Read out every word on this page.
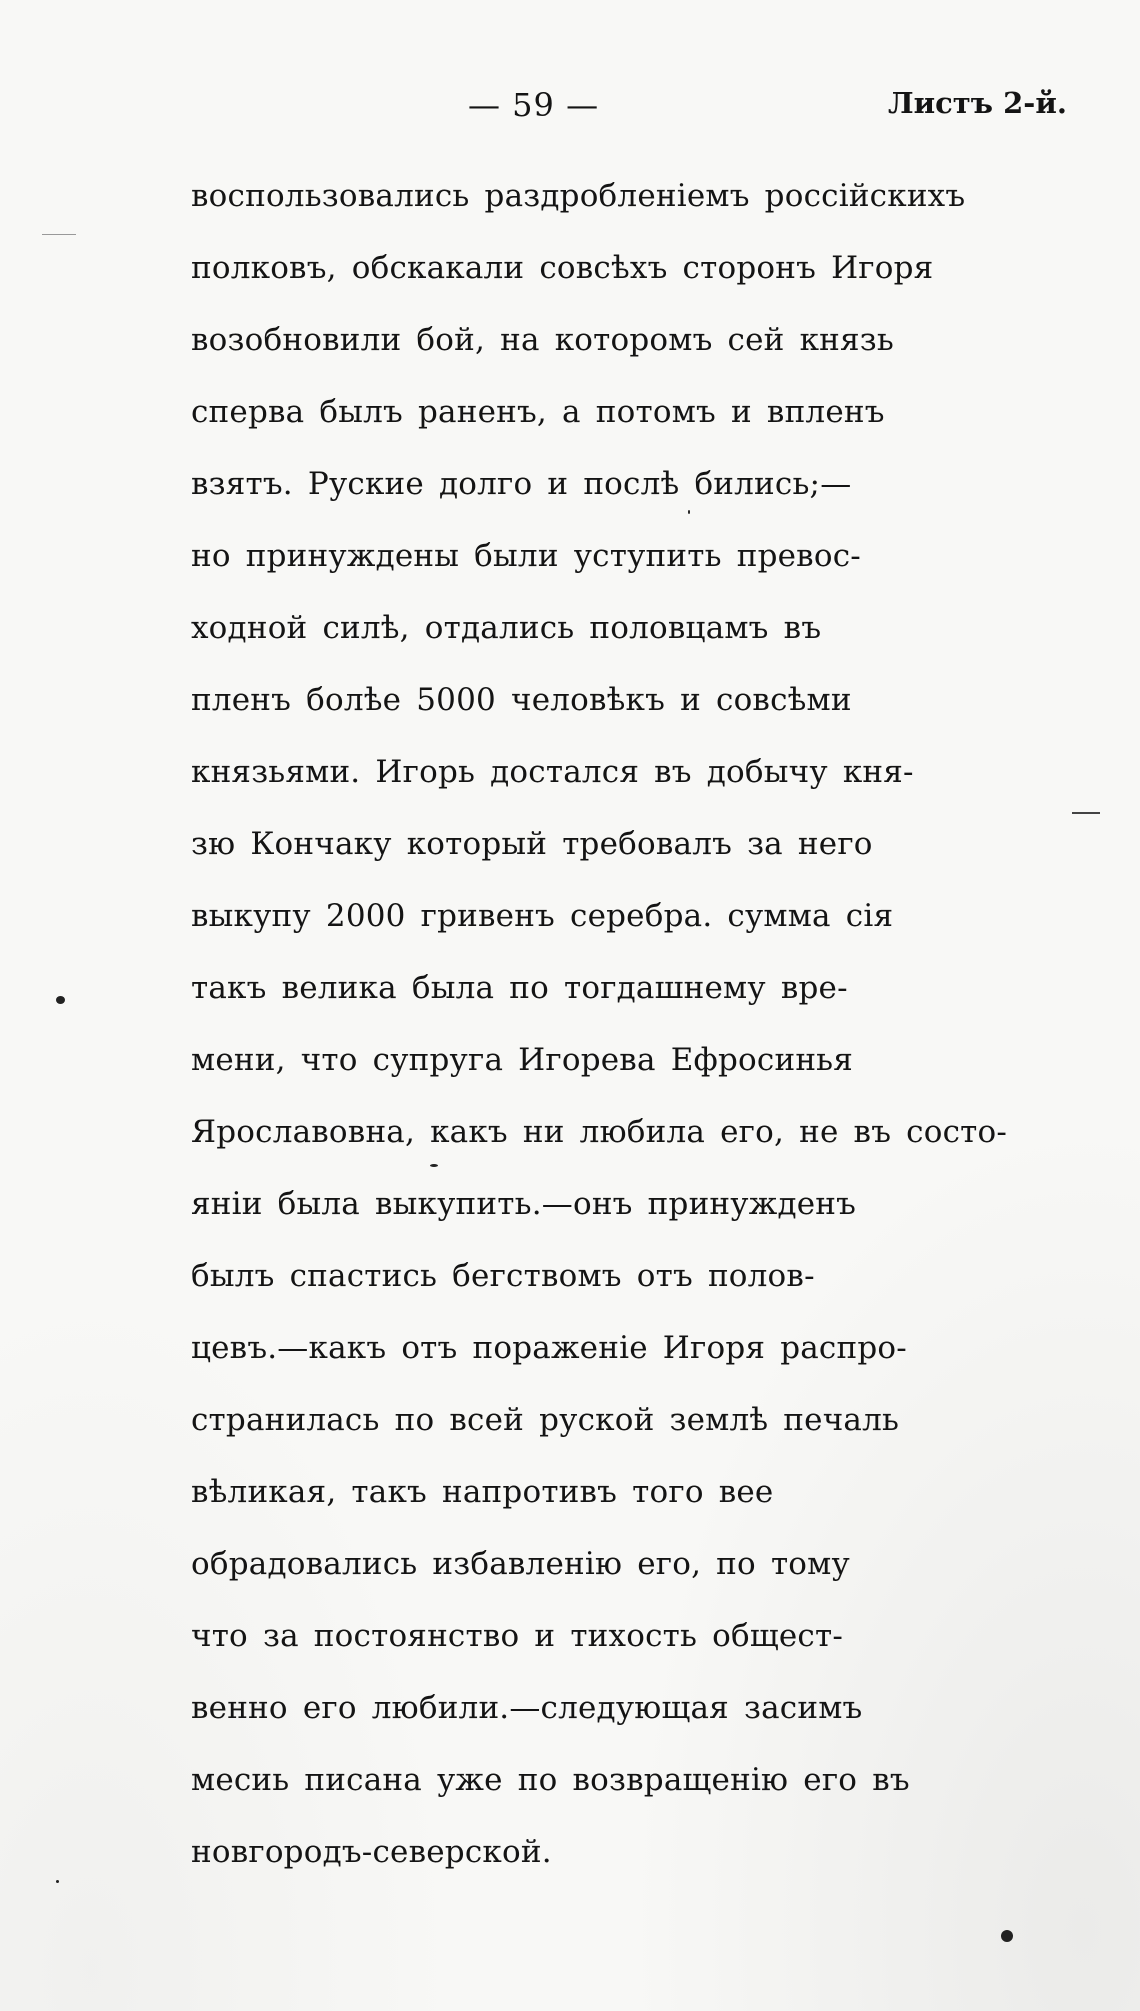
— 59 —	Листъ 2-й.
воспользовались раздробленіемъ россійскихъ
полковъ, обскакали совсѣхъ сторонъ Игоря
возобновили бой, на которомъ сей князь
сперва былъ раненъ, а потомъ и впленъ
взятъ. Руские долго и послѣ бились;—
но принуждены были уступить превос-
ходной силѣ, отдались половцамъ въ
пленъ болѣе 5000 человѣкъ и совсѣми
князьями. Игорь достался въ добычу кня-
зю Кончаку который требовалъ за него
выкупу 2000 гривенъ серебра. сумма сія
такъ велика была по тогдашнему вре-
мени, что супруга Игорева Ефросинья
Ярославовна, какъ ни любила его, не въ состо-
яніи была выкупить.—онъ принужденъ
былъ спастись бегствомъ отъ полов-
цевъ.—какъ отъ пораженіе Игоря распро-
странилась по всей руской землѣ печаль
вѣликая, такъ напротивъ того вее
обрадовались избавленію его, по тому
что за постоянство и тихость общест-
венно его любили.—следующая засимъ
месиь писана уже по возвращенію его въ
новгородъ-северской.
